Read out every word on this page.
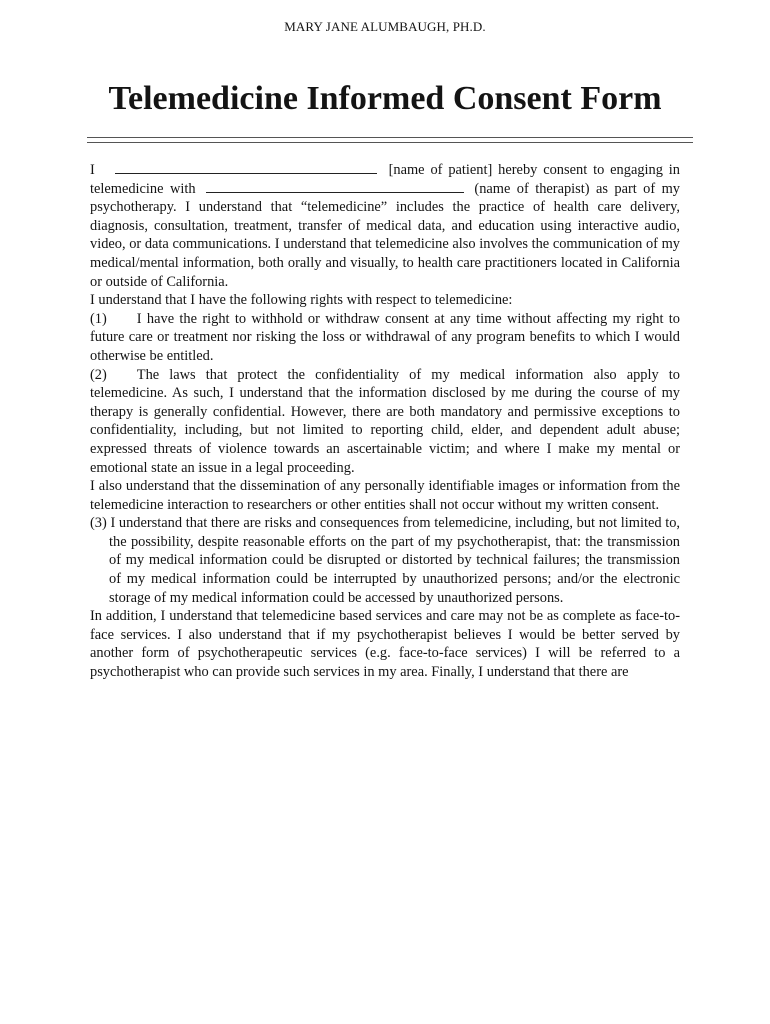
MARY JANE ALUMBAUGH, PH.D.
Telemedicine Informed Consent Form

I	[name of patient] hereby consent to engaging in telemedicine with	(name of therapist) as part of my psychotherapy. I understand that “telemedicine” includes the practice of health care delivery, diagnosis, consultation, treatment, transfer of medical data, and education using interactive audio, video, or data communications. I understand that telemedicine also involves the communication of my medical/mental information, both orally and visually, to health care practitioners located in California or outside of California.

I understand that I have the following rights with respect to telemedicine:

(1) I have the right to withhold or withdraw consent at any time without affecting my right to future care or treatment nor risking the loss or withdrawal of any program benefits to which I would otherwise be entitled.

(2) The laws that protect the confidentiality of my medical information also apply to telemedicine. As such, I understand that the information disclosed by me during the course of my therapy is generally confidential. However, there are both mandatory and permissive exceptions to confidentiality, including, but not limited to reporting child, elder, and dependent adult abuse; expressed threats of violence towards an ascertainable victim; and where I make my mental or emotional state an issue in a legal proceeding.

I also understand that the dissemination of any personally identifiable images or information from the telemedicine interaction to researchers or other entities shall not occur without my written consent.

(3) I understand that there are risks and consequences from telemedicine, including, but not limited to, the possibility, despite reasonable efforts on the part of my psychotherapist, that: the transmission of my medical information could be disrupted or distorted by technical failures; the transmission of my medical information could be interrupted by unauthorized persons; and/or the electronic storage of my medical information could be accessed by unauthorized persons.

In addition, I understand that telemedicine based services and care may not be as complete as face-to-face services. I also understand that if my psychotherapist believes I would be better served by another form of psychotherapeutic services (e.g. face-to-face services) I will be referred to a psychotherapist who can provide such services in my area. Finally, I understand that there are
